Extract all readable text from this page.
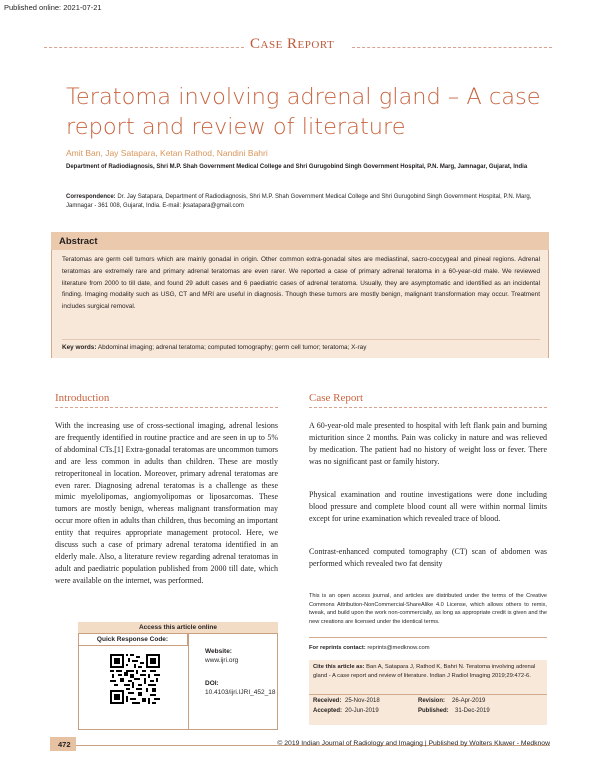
Published online: 2021-07-21
Case Report
Teratoma involving adrenal gland – A case report and review of literature
Amit Ban, Jay Satapara, Ketan Rathod, Nandini Bahri
Department of Radiodiagnosis, Shri M.P. Shah Government Medical College and Shri Gurugobind Singh Government Hospital, P.N. Marg, Jamnagar, Gujarat, India
Correspondence: Dr. Jay Satapara, Department of Radiodiagnosis, Shri M.P. Shah Government Medical College and Shri Gurugobind Singh Government Hospital, P.N. Marg, Jamnagar - 361 008, Gujarat, India. E-mail: jksatapara@gmail.com
Abstract
Teratomas are germ cell tumors which are mainly gonadal in origin. Other common extra-gonadal sites are mediastinal, sacro-coccygeal and pineal regions. Adrenal teratomas are extremely rare and primary adrenal teratomas are even rarer. We reported a case of primary adrenal teratoma in a 60-year-old male. We reviewed literature from 2000 to till date, and found 29 adult cases and 6 paediatric cases of adrenal teratoma. Usually, they are asymptomatic and identified as an incidental finding. Imaging modality such as USG, CT and MRI are useful in diagnosis. Though these tumors are mostly benign, malignant transformation may occur. Treatment includes surgical removal.
Key words: Abdominal imaging; adrenal teratoma; computed tomography; germ cell tumor; teratoma; X-ray
Introduction
With the increasing use of cross-sectional imaging, adrenal lesions are frequently identified in routine practice and are seen in up to 5% of abdominal CTs.[1] Extra-gonadal teratomas are uncommon tumors and are less common in adults than children. These are mostly retroperitoneal in location. Moreover, primary adrenal teratomas are even rarer. Diagnosing adrenal teratomas is a challenge as these mimic myelolipomas, angiomyolipomas or liposarcomas. These tumors are mostly benign, whereas malignant transformation may occur more often in adults than children, thus becoming an important entity that requires appropriate management protocol. Here, we discuss such a case of primary adrenal teratoma identified in an elderly male. Also, a literature review regarding adrenal teratomas in adult and paediatric population published from 2000 till date, which were available on the internet, was performed.
Case Report
A 60-year-old male presented to hospital with left flank pain and burning micturition since 2 months. Pain was colicky in nature and was relieved by medication. The patient had no history of weight loss or fever. There was no significant past or family history.
Physical examination and routine investigations were done including blood pressure and complete blood count all were within normal limits except for urine examination which revealed trace of blood.
Contrast-enhanced computed tomography (CT) scan of abdomen was performed which revealed two fat density
Access this article online
Quick Response Code:
Website:
www.ijri.org
DOI:
10.4103/ijri.IJRI_452_18
This is an open access journal, and articles are distributed under the terms of the Creative Commons Attribution-NonCommercial-ShareAlike 4.0 License, which allows others to remix, tweak, and build upon the work non-commercially, as long as appropriate credit is given and the new creations are licensed under the identical terms.
For reprints contact: reprints@medknow.com
Cite this article as: Ban A, Satapara J, Rathod K, Bahri N. Teratoma involving adrenal gland - A case report and review of literature. Indian J Radiol Imaging 2019;29:472-6.
Received: 25-Nov-2018	Revision: 26-Apr-2019
Accepted: 20-Jun-2019	Published: 31-Dec-2019
472	© 2019 Indian Journal of Radiology and Imaging | Published by Wolters Kluwer - Medknow
